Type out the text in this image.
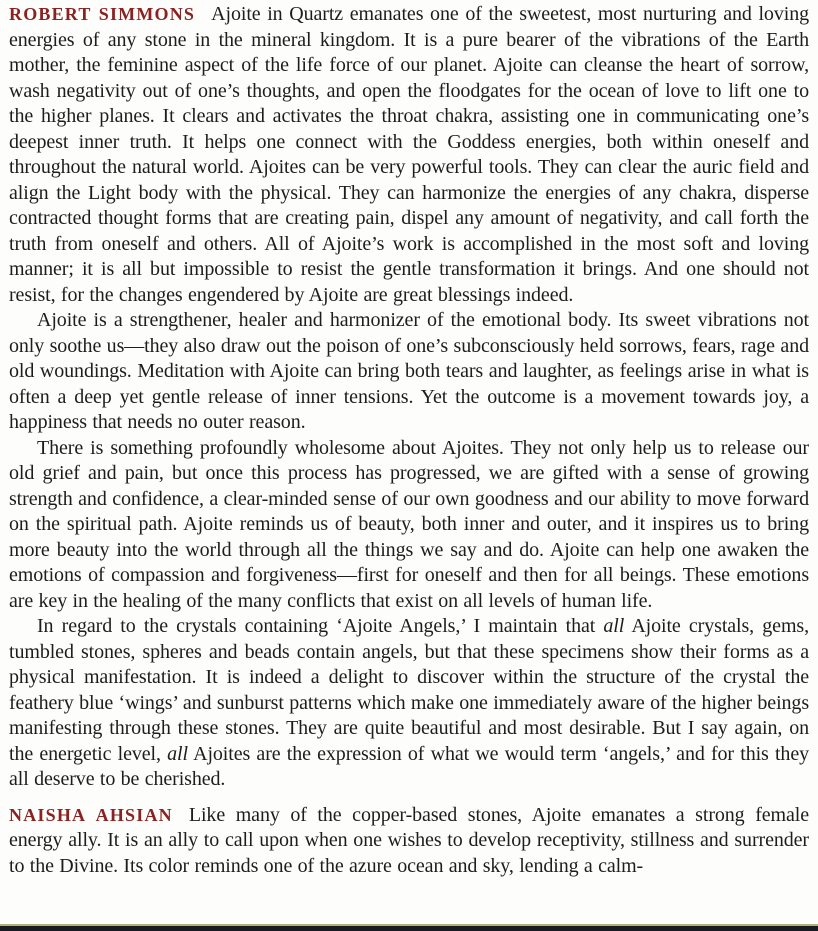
ROBERT SIMMONS Ajoite in Quartz emanates one of the sweetest, most nurturing and loving energies of any stone in the mineral kingdom. It is a pure bearer of the vibrations of the Earth mother, the feminine aspect of the life force of our planet. Ajoite can cleanse the heart of sorrow, wash negativity out of one’s thoughts, and open the floodgates for the ocean of love to lift one to the higher planes. It clears and activates the throat chakra, assisting one in communicating one’s deepest inner truth. It helps one connect with the Goddess energies, both within oneself and throughout the natural world. Ajoites can be very powerful tools. They can clear the auric field and align the Light body with the physical. They can harmonize the energies of any chakra, disperse contracted thought forms that are creating pain, dispel any amount of negativity, and call forth the truth from oneself and others. All of Ajoite’s work is accomplished in the most soft and loving manner; it is all but impossible to resist the gentle transformation it brings. And one should not resist, for the changes engendered by Ajoite are great blessings indeed.

Ajoite is a strengthener, healer and harmonizer of the emotional body. Its sweet vibrations not only soothe us—they also draw out the poison of one’s subconsciously held sorrows, fears, rage and old woundings. Meditation with Ajoite can bring both tears and laughter, as feelings arise in what is often a deep yet gentle release of inner tensions. Yet the outcome is a movement towards joy, a happiness that needs no outer reason.

There is something profoundly wholesome about Ajoites. They not only help us to release our old grief and pain, but once this process has progressed, we are gifted with a sense of growing strength and confidence, a clear-minded sense of our own goodness and our ability to move forward on the spiritual path. Ajoite reminds us of beauty, both inner and outer, and it inspires us to bring more beauty into the world through all the things we say and do. Ajoite can help one awaken the emotions of compassion and forgiveness—first for oneself and then for all beings. These emotions are key in the healing of the many conflicts that exist on all levels of human life.

In regard to the crystals containing ‘Ajoite Angels,’ I maintain that all Ajoite crystals, gems, tumbled stones, spheres and beads contain angels, but that these specimens show their forms as a physical manifestation. It is indeed a delight to discover within the structure of the crystal the feathery blue ‘wings’ and sunburst patterns which make one immediately aware of the higher beings manifesting through these stones. They are quite beautiful and most desirable. But I say again, on the energetic level, all Ajoites are the expression of what we would term ‘angels,’ and for this they all deserve to be cherished.

NAISHA AHSIAN Like many of the copper-based stones, Ajoite emanates a strong female energy ally. It is an ally to call upon when one wishes to develop receptivity, stillness and surrender to the Divine. Its color reminds one of the azure ocean and sky, lending a calm-
